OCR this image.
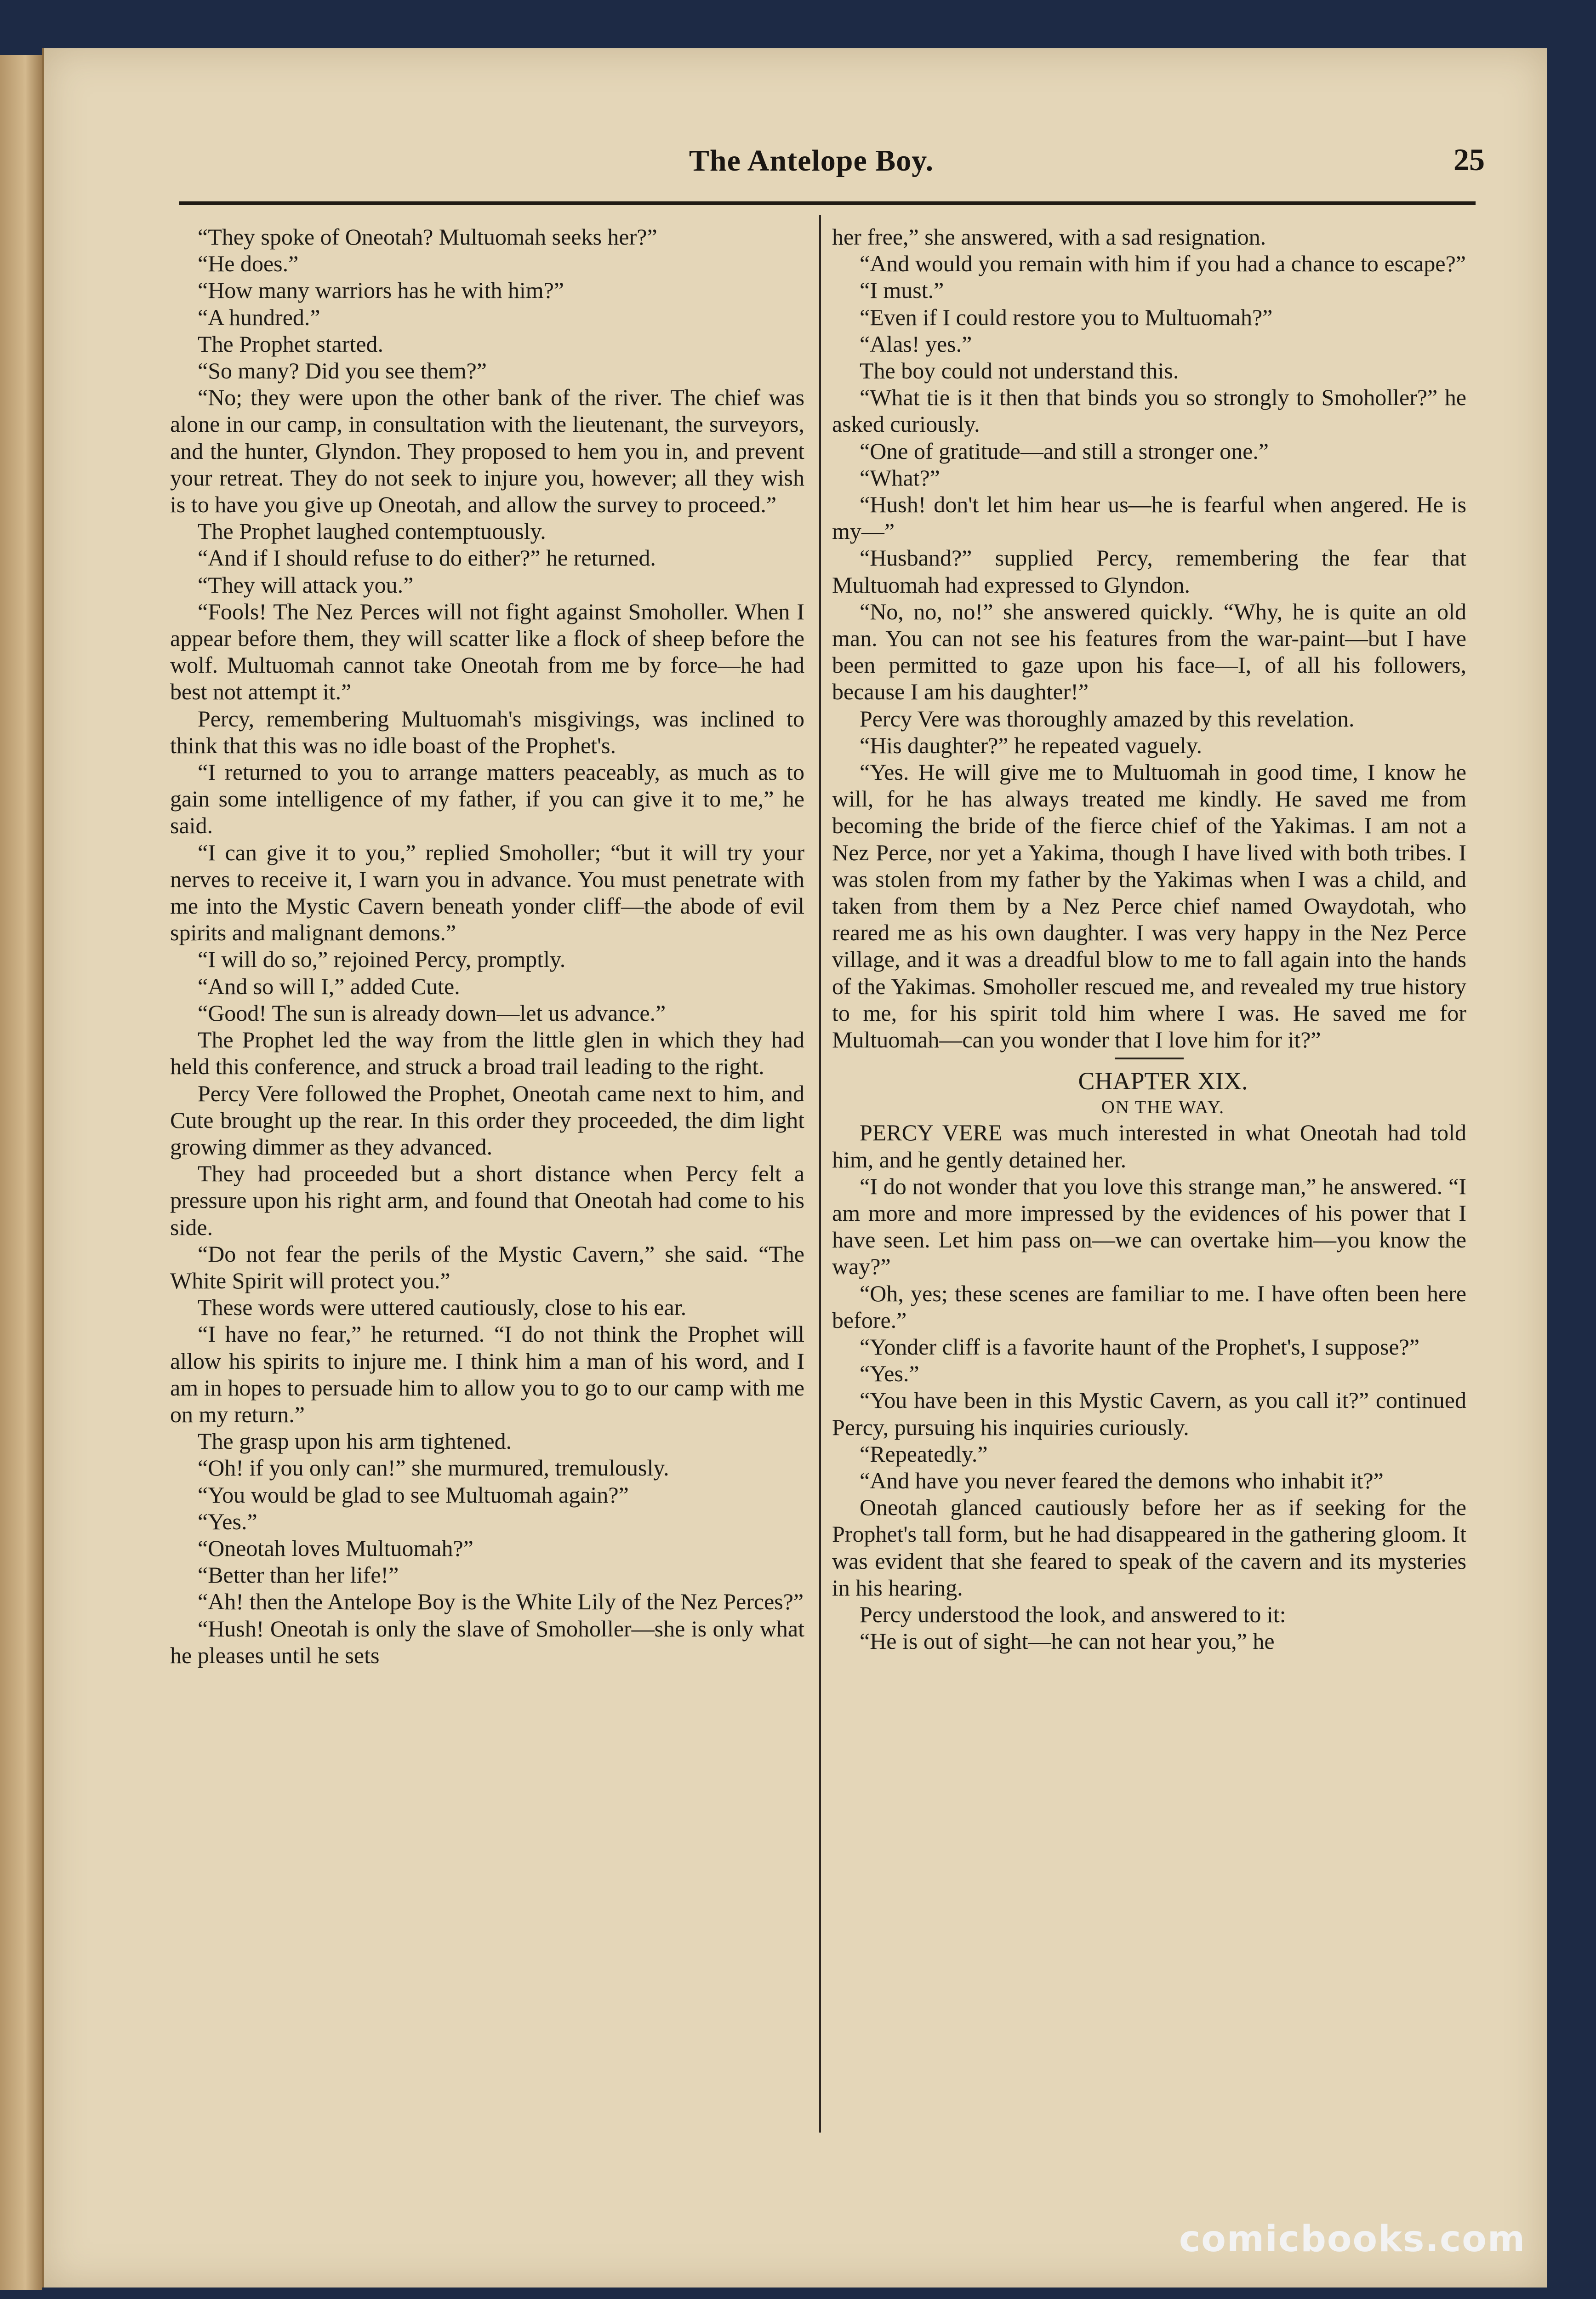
The Antelope Boy.	25

“They spoke of Oneotah? Multuomah seeks her?”

“He does.”

“How many warriors has he with him?”

“A hundred.”

The Prophet started.

“So many? Did you see them?”

“No; they were upon the other bank of the river. The chief was alone in our camp, in consultation with the lieutenant, the surveyors, and the hunter, Glyndon. They proposed to hem you in, and prevent your retreat. They do not seek to injure you, however; all they wish is to have you give up Oneotah, and allow the survey to proceed.”

The Prophet laughed contemptuously.

“And if I should refuse to do either?” he returned.

“They will attack you.”

“Fools! The Nez Perces will not fight against Smoholler. When I appear before them, they will scatter like a flock of sheep before the wolf. Multuomah cannot take Oneotah from me by force—he had best not attempt it.”

Percy, remembering Multuomah's misgivings, was inclined to think that this was no idle boast of the Prophet's.

“I returned to you to arrange matters peaceably, as much as to gain some intelligence of my father, if you can give it to me,” he said.

“I can give it to you,” replied Smoholler; “but it will try your nerves to receive it, I warn you in advance. You must penetrate with me into the Mystic Cavern beneath yonder cliff—the abode of evil spirits and malignant demons.”

“I will do so,” rejoined Percy, promptly.

“And so will I,” added Cute.

“Good! The sun is already down—let us advance.”

The Prophet led the way from the little glen in which they had held this conference, and struck a broad trail leading to the right.

Percy Vere followed the Prophet, Oneotah came next to him, and Cute brought up the rear. In this order they proceeded, the dim light growing dimmer as they advanced.

They had proceeded but a short distance when Percy felt a pressure upon his right arm, and found that Oneotah had come to his side.

“Do not fear the perils of the Mystic Cavern,” she said. “The White Spirit will protect you.”

These words were uttered cautiously, close to his ear.

“I have no fear,” he returned. “I do not think the Prophet will allow his spirits to injure me. I think him a man of his word, and I am in hopes to persuade him to allow you to go to our camp with me on my return.”

The grasp upon his arm tightened.

“Oh! if you only can!” she murmured, tremulously.

“You would be glad to see Multuomah again?”

“Yes.”

“Oneotah loves Multuomah?”

“Better than her life!”

“Ah! then the Antelope Boy is the White Lily of the Nez Perces?”

“Hush! Oneotah is only the slave of Smoholler—she is only what he pleases until he sets

her free,” she answered, with a sad resignation.

“And would you remain with him if you had a chance to escape?”

“I must.”

“Even if I could restore you to Multuomah?”

“Alas! yes.”

The boy could not understand this.

“What tie is it then that binds you so strongly to Smoholler?” he asked curiously.

“One of gratitude—and still a stronger one.”

“What?”

“Hush! don't let him hear us—he is fearful when angered. He is my—”

“Husband?” supplied Percy, remembering the fear that Multuomah had expressed to Glyndon.

“No, no, no!” she answered quickly. “Why, he is quite an old man. You can not see his features from the war-paint—but I have been permitted to gaze upon his face—I, of all his followers, because I am his daughter!”

Percy Vere was thoroughly amazed by this revelation.

“His daughter?” he repeated vaguely.

“Yes. He will give me to Multuomah in good time, I know he will, for he has always treated me kindly. He saved me from becoming the bride of the fierce chief of the Yakimas. I am not a Nez Perce, nor yet a Yakima, though I have lived with both tribes. I was stolen from my father by the Yakimas when I was a child, and taken from them by a Nez Perce chief named Owaydotah, who reared me as his own daughter. I was very happy in the Nez Perce village, and it was a dreadful blow to me to fall again into the hands of the Yakimas. Smoholler rescued me, and revealed my true history to me, for his spirit told him where I was. He saved me for Multuomah—can you wonder that I love him for it?”

CHAPTER XIX.

ON THE WAY.

PERCY VERE was much interested in what Oneotah had told him, and he gently detained her.

“I do not wonder that you love this strange man,” he answered. “I am more and more impressed by the evidences of his power that I have seen. Let him pass on—we can overtake him—you know the way?”

“Oh, yes; these scenes are familiar to me. I have often been here before.”

“Yonder cliff is a favorite haunt of the Prophet's, I suppose?”

“Yes.”

“You have been in this Mystic Cavern, as you call it?” continued Percy, pursuing his inquiries curiously.

“Repeatedly.”

“And have you never feared the demons who inhabit it?”

Oneotah glanced cautiously before her as if seeking for the Prophet's tall form, but he had disappeared in the gathering gloom. It was evident that she feared to speak of the cavern and its mysteries in his hearing.

Percy understood the look, and answered to it:

“He is out of sight—he can not hear you,” he

comicbooks.com
